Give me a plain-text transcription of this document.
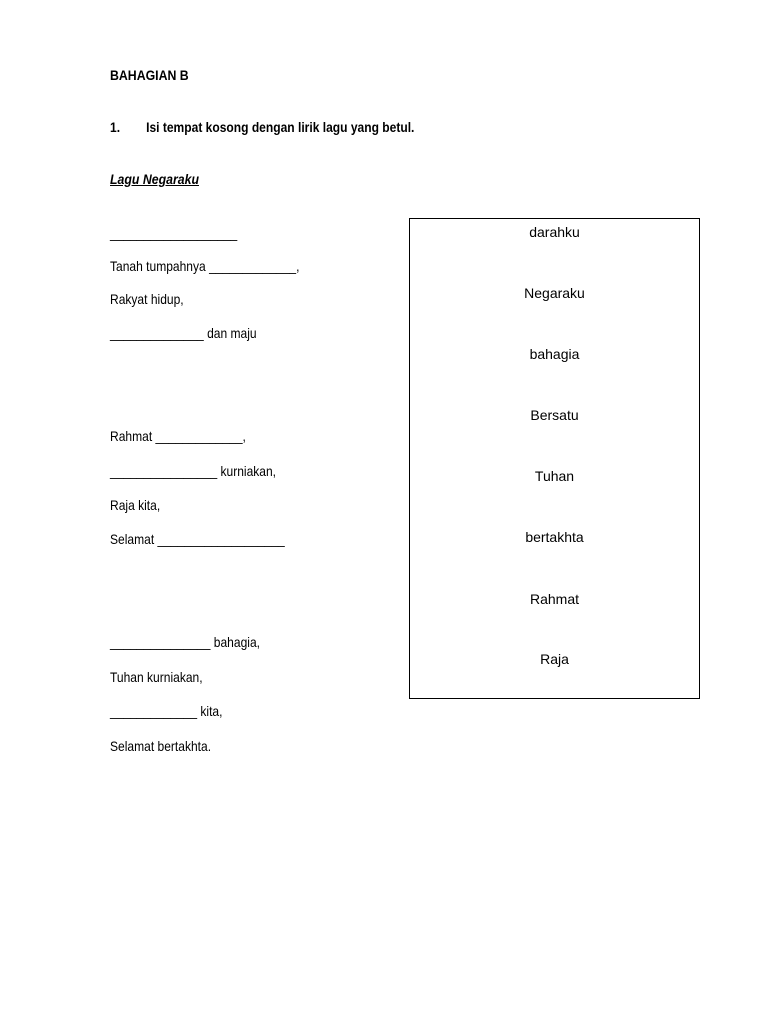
BAHAGIAN B
1. Isi tempat kosong dengan lirik lagu yang betul.
Lagu Negaraku
___________________
Tanah tumpahnya _____________,
Rakyat hidup,
______________ dan maju
Rahmat _____________,
________________ kurniakan,
Raja kita,
Selamat ___________________
_______________ bahagia,
Tuhan kurniakan,
_____________ kita,
Selamat bertakhta.
darahku
Negaraku
bahagia
Bersatu
Tuhan
bertakhta
Rahmat
Raja
